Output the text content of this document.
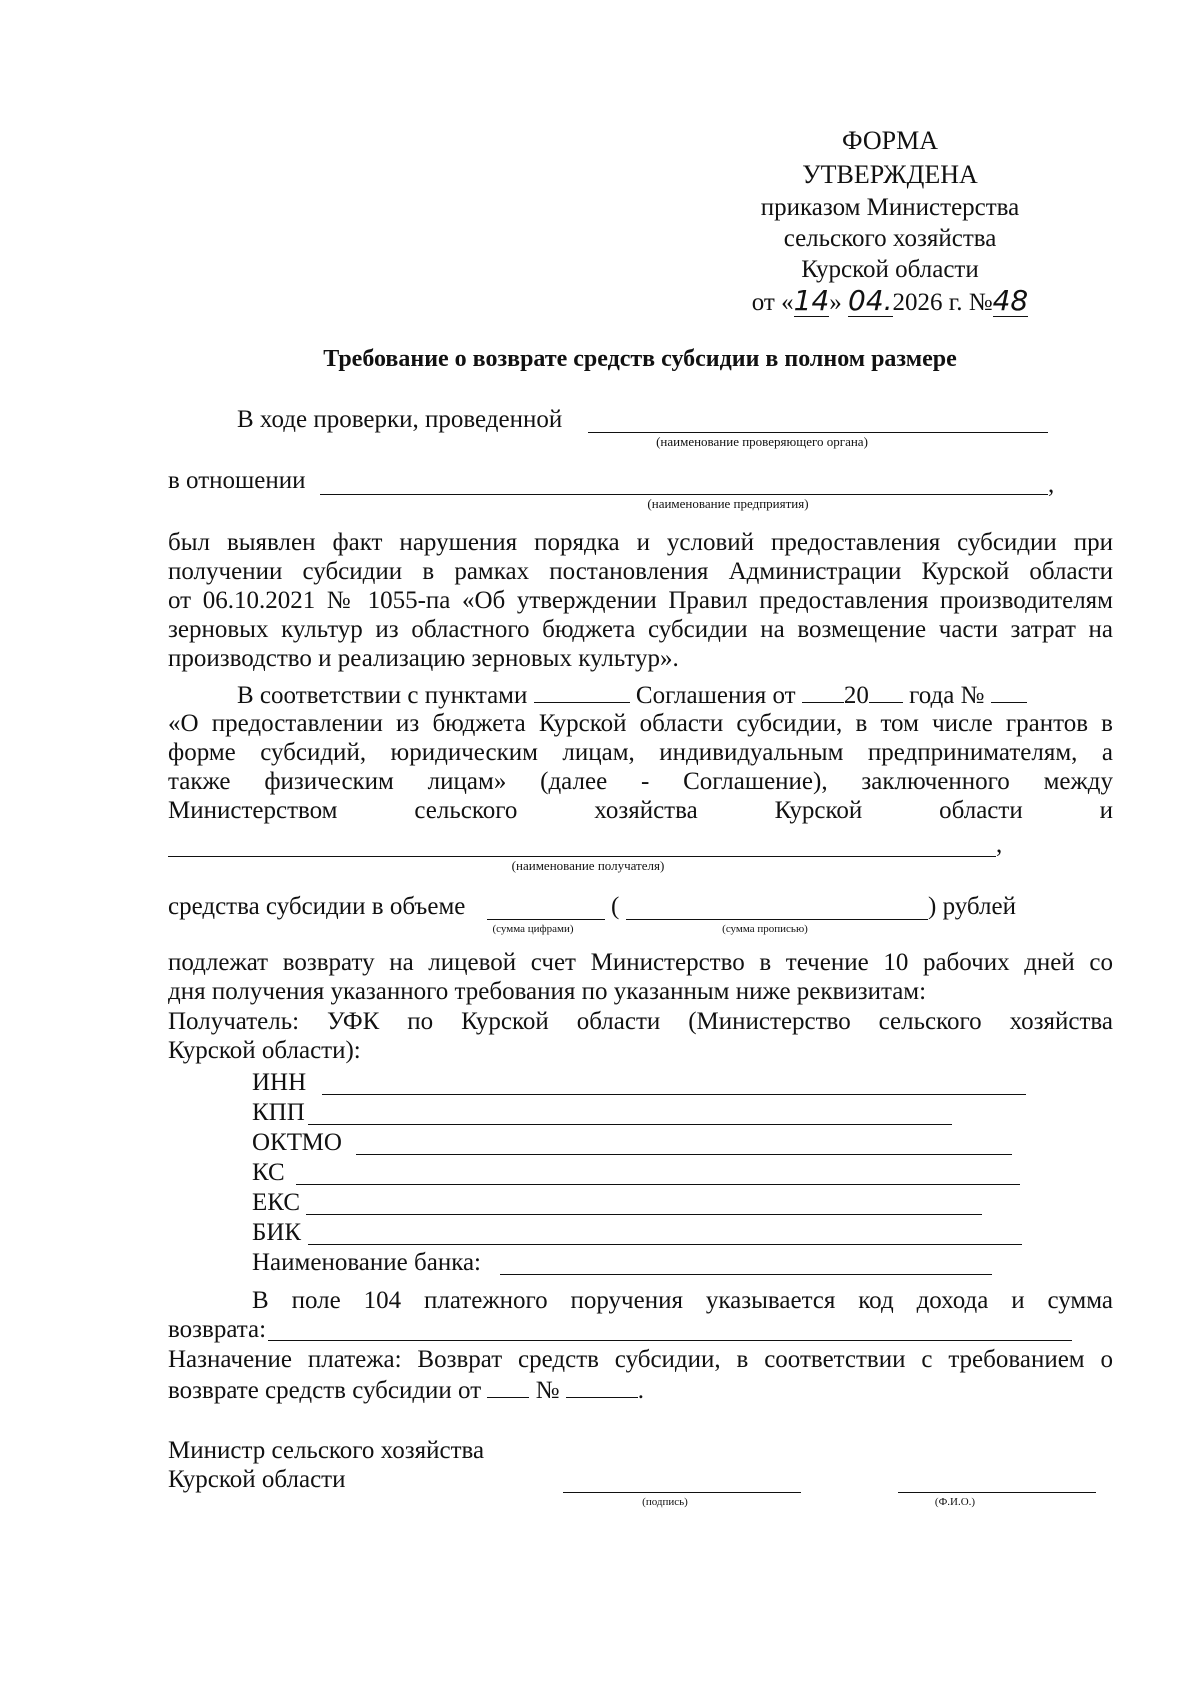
ФОРМА
УТВЕРЖДЕНА
приказом Министерства
сельского хозяйства
Курской области
от «14» 04.2026 г. №48
Требование о возврате средств субсидии в полном размере
В ходе проверки, проведенной
(наименование проверяющего органа)
в отношении	,
(наименование предприятия)
был выявлен факт нарушения порядка и условий предоставления субсидии при
получении субсидии в рамках постановления Администрации Курской области
от 06.10.2021 № 1055-па «Об утверждении Правил предоставления производителям
зерновых культур из областного бюджета субсидии на возмещение части затрат на
производство и реализацию зерновых культур».
В соответствии с пунктами	Соглашения от 20 года №
«О предоставлении из бюджета Курской области субсидии, в том числе грантов в
форме субсидий, юридическим лицам, индивидуальным предпринимателям, а
также физическим лицам» (далее - Соглашение), заключенного между
Министерством сельского хозяйства Курской области и
,
(наименование получателя)
средства субсидии в объеме	(	) рублей
(сумма цифрами)	(сумма прописью)
подлежат возврату на лицевой счет Министерство в течение 10 рабочих дней со
дня получения указанного требования по указанным ниже реквизитам:
Получатель: УФК по Курской области (Министерство сельского хозяйства
Курской области):
ИНН
КПП
ОКТМО
КС
ЕКС
БИК
Наименование банка:
В поле 104 платежного поручения указывается код дохода и сумма
возврата:
Назначение платежа: Возврат средств субсидии, в соответствии с требованием о
возврате средств субсидии от №	.
Министр сельского хозяйства
Курской области
(подпись)	(Ф.И.О.)
